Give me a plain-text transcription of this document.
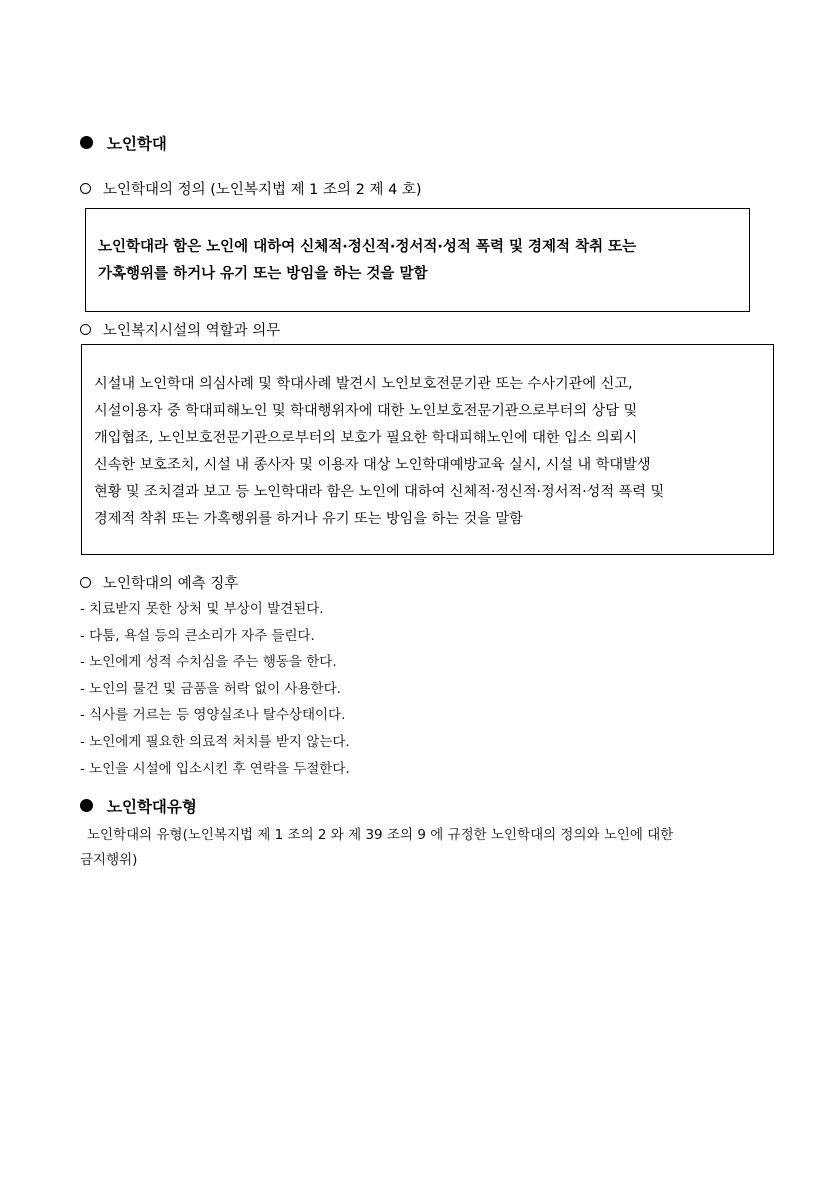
노인학대
노인학대의 정의 (노인복지법 제 1 조의 2 제 4 호)
노인학대라 함은 노인에 대하여 신체적·정신적·정서적·성적 폭력 및 경제적 착취 또는
가혹행위를 하거나 유기 또는 방임을 하는 것을 말함
노인복지시설의 역할과 의무
시설내 노인학대 의심사례 및 학대사례 발견시 노인보호전문기관 또는 수사기관에 신고,
시설이용자 중 학대피해노인 및 학대행위자에 대한 노인보호전문기관으로부터의 상담 및
개입협조, 노인보호전문기관으로부터의 보호가 필요한 학대피해노인에 대한 입소 의뢰시
신속한 보호조치, 시설 내 종사자 및 이용자 대상 노인학대예방교육 실시, 시설 내 학대발생
현황 및 조치결과 보고 등 노인학대라 함은 노인에 대하여 신체적·정신적·정서적·성적 폭력 및
경제적 착취 또는 가혹행위를 하거나 유기 또는 방임을 하는 것을 말함
노인학대의 예측 징후
- 치료받지 못한 상처 및 부상이 발견된다.
- 다툼, 욕설 등의 큰소리가 자주 들린다.
- 노인에게 성적 수치심을 주는 행동을 한다.
- 노인의 물건 및 금품을 허락 없이 사용한다.
- 식사를 거르는 등 영양실조나 탈수상태이다.
- 노인에게 필요한 의료적 처치를 받지 않는다.
- 노인을 시설에 입소시킨 후 연락을 두절한다.
노인학대유형
노인학대의 유형(노인복지법 제 1 조의 2 와 제 39 조의 9 에 규정한 노인학대의 정의와 노인에 대한
금지행위)
